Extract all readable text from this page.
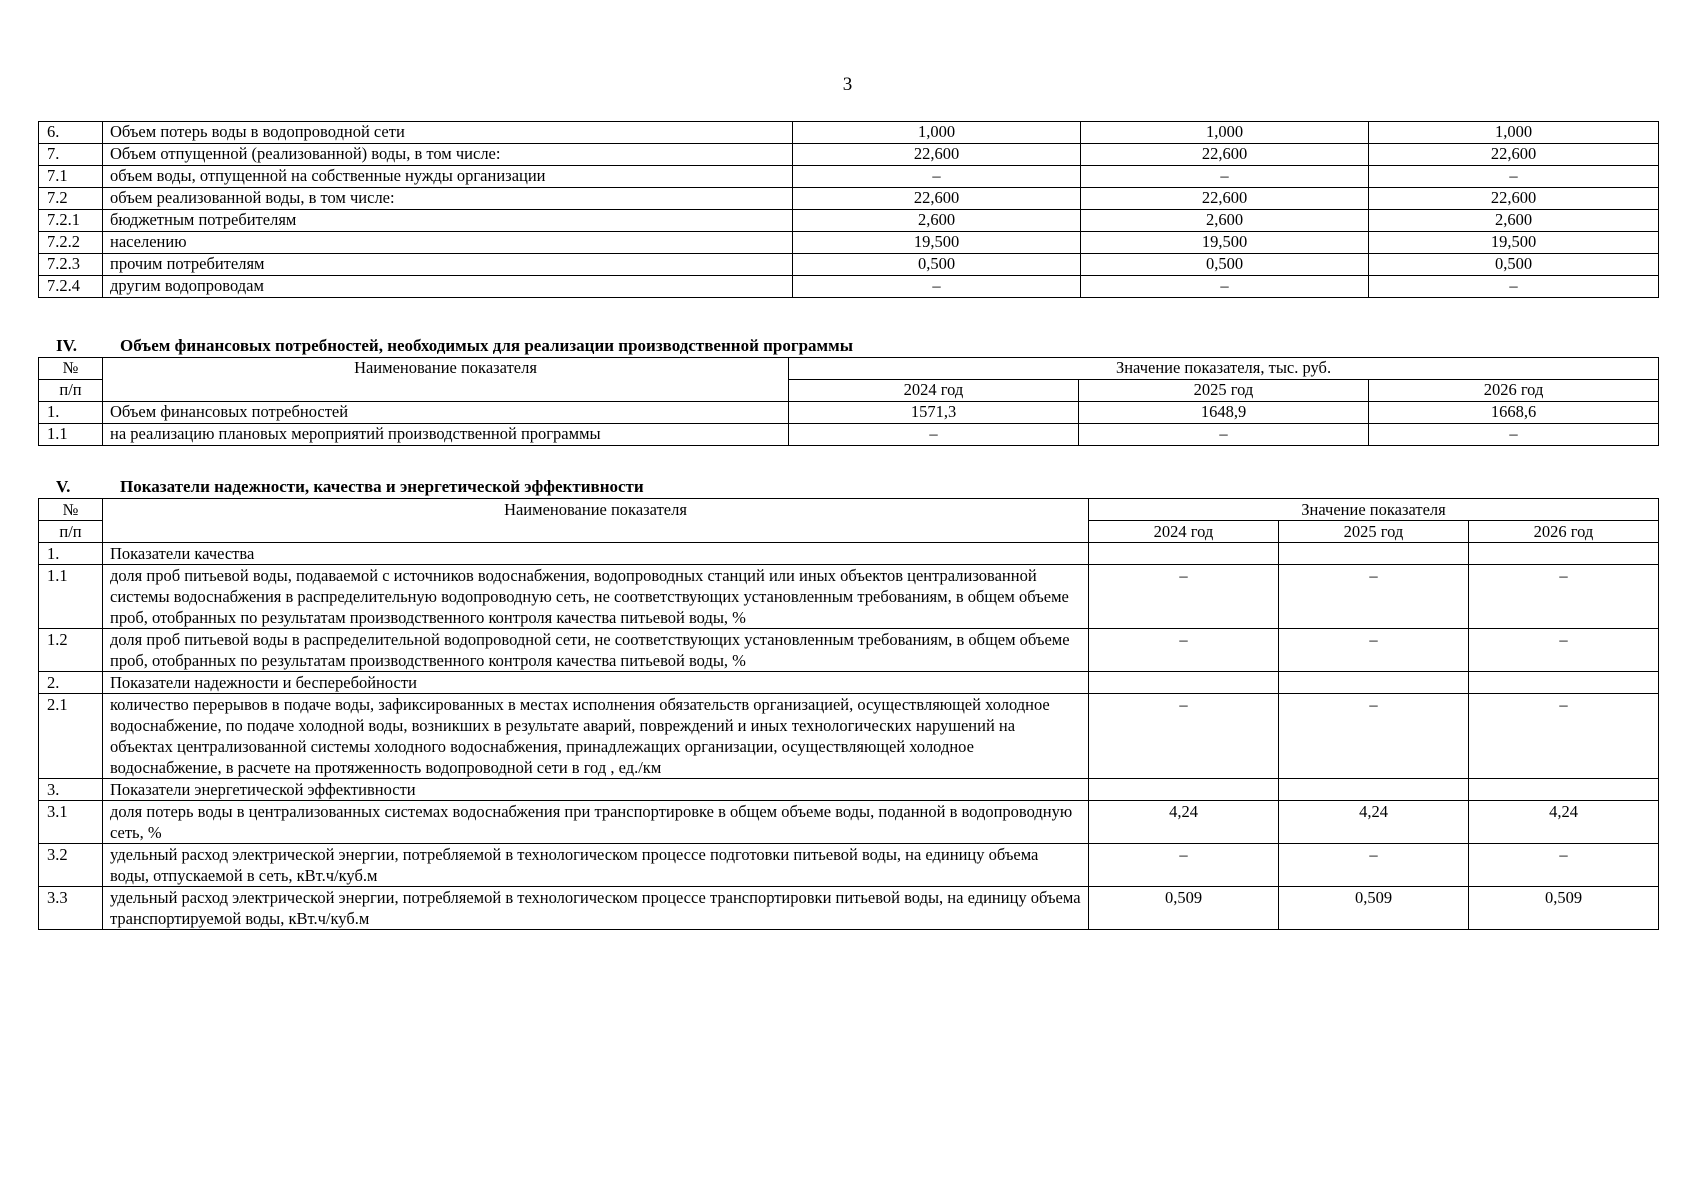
3
6.	Объем потерь воды в водопроводной сети	1,000	1,000	1,000
7.	Объем отпущенной (реализованной) воды, в том числе:	22,600	22,600	22,600
7.1	объем воды, отпущенной на собственные нужды организации	–	–	–
7.2	объем реализованной воды, в том числе:	22,600	22,600	22,600
7.2.1	бюджетным потребителям	2,600	2,600	2,600
7.2.2	населению	19,500	19,500	19,500
7.2.3	прочим потребителям	0,500	0,500	0,500
7.2.4	другим водопроводам	–	–	–
IV.	Объем финансовых потребностей, необходимых для реализации производственной программы
№	Наименование показателя	Значение показателя, тыс. руб.		
п/п		2024 год	2025 год	2026 год
1.	Объем финансовых потребностей	1571,3	1648,9	1668,6
1.1	на реализацию плановых мероприятий производственной программы	–	–	–
V.	Показатели надежности, качества и энергетической эффективности
№	Наименование показателя	Значение показателя		
п/п		2024 год	2025 год	2026 год
1.	Показатели качества			
1.1	доля проб питьевой воды, подаваемой с источников водоснабжения, водопроводных станций или иных объектов централизованной системы водоснабжения в распределительную водопроводную сеть, не соответствующих установленным требованиям, в общем объеме проб, отобранных по результатам производственного контроля качества питьевой воды, %	–	–	–
1.2	доля проб питьевой воды в распределительной водопроводной сети, не соответствующих установленным требованиям, в общем объеме проб, отобранных по результатам производственного контроля качества питьевой воды, %	–	–	–
2.	Показатели надежности и бесперебойности			
2.1	количество перерывов в подаче воды, зафиксированных в местах исполнения обязательств организацией, осуществляющей холодное водоснабжение, по подаче холодной воды, возникших в результате аварий, повреждений и иных технологических нарушений на объектах централизованной системы холодного водоснабжения, принадлежащих организации, осуществляющей холодное водоснабжение, в расчете на протяженность водопроводной сети в год , ед./км	–	–	–
3.	Показатели энергетической эффективности			
3.1	доля потерь воды в централизованных системах водоснабжения при транспортировке в общем объеме воды, поданной в водопроводную сеть, %	4,24	4,24	4,24
3.2	удельный расход электрической энергии, потребляемой в технологическом процессе подготовки питьевой воды, на единицу объема воды, отпускаемой в сеть, кВт.ч/куб.м	–	–	–
3.3	удельный расход электрической энергии, потребляемой в технологическом процессе транспортировки питьевой воды, на единицу объема транспортируемой воды, кВт.ч/куб.м	0,509	0,509	0,509
